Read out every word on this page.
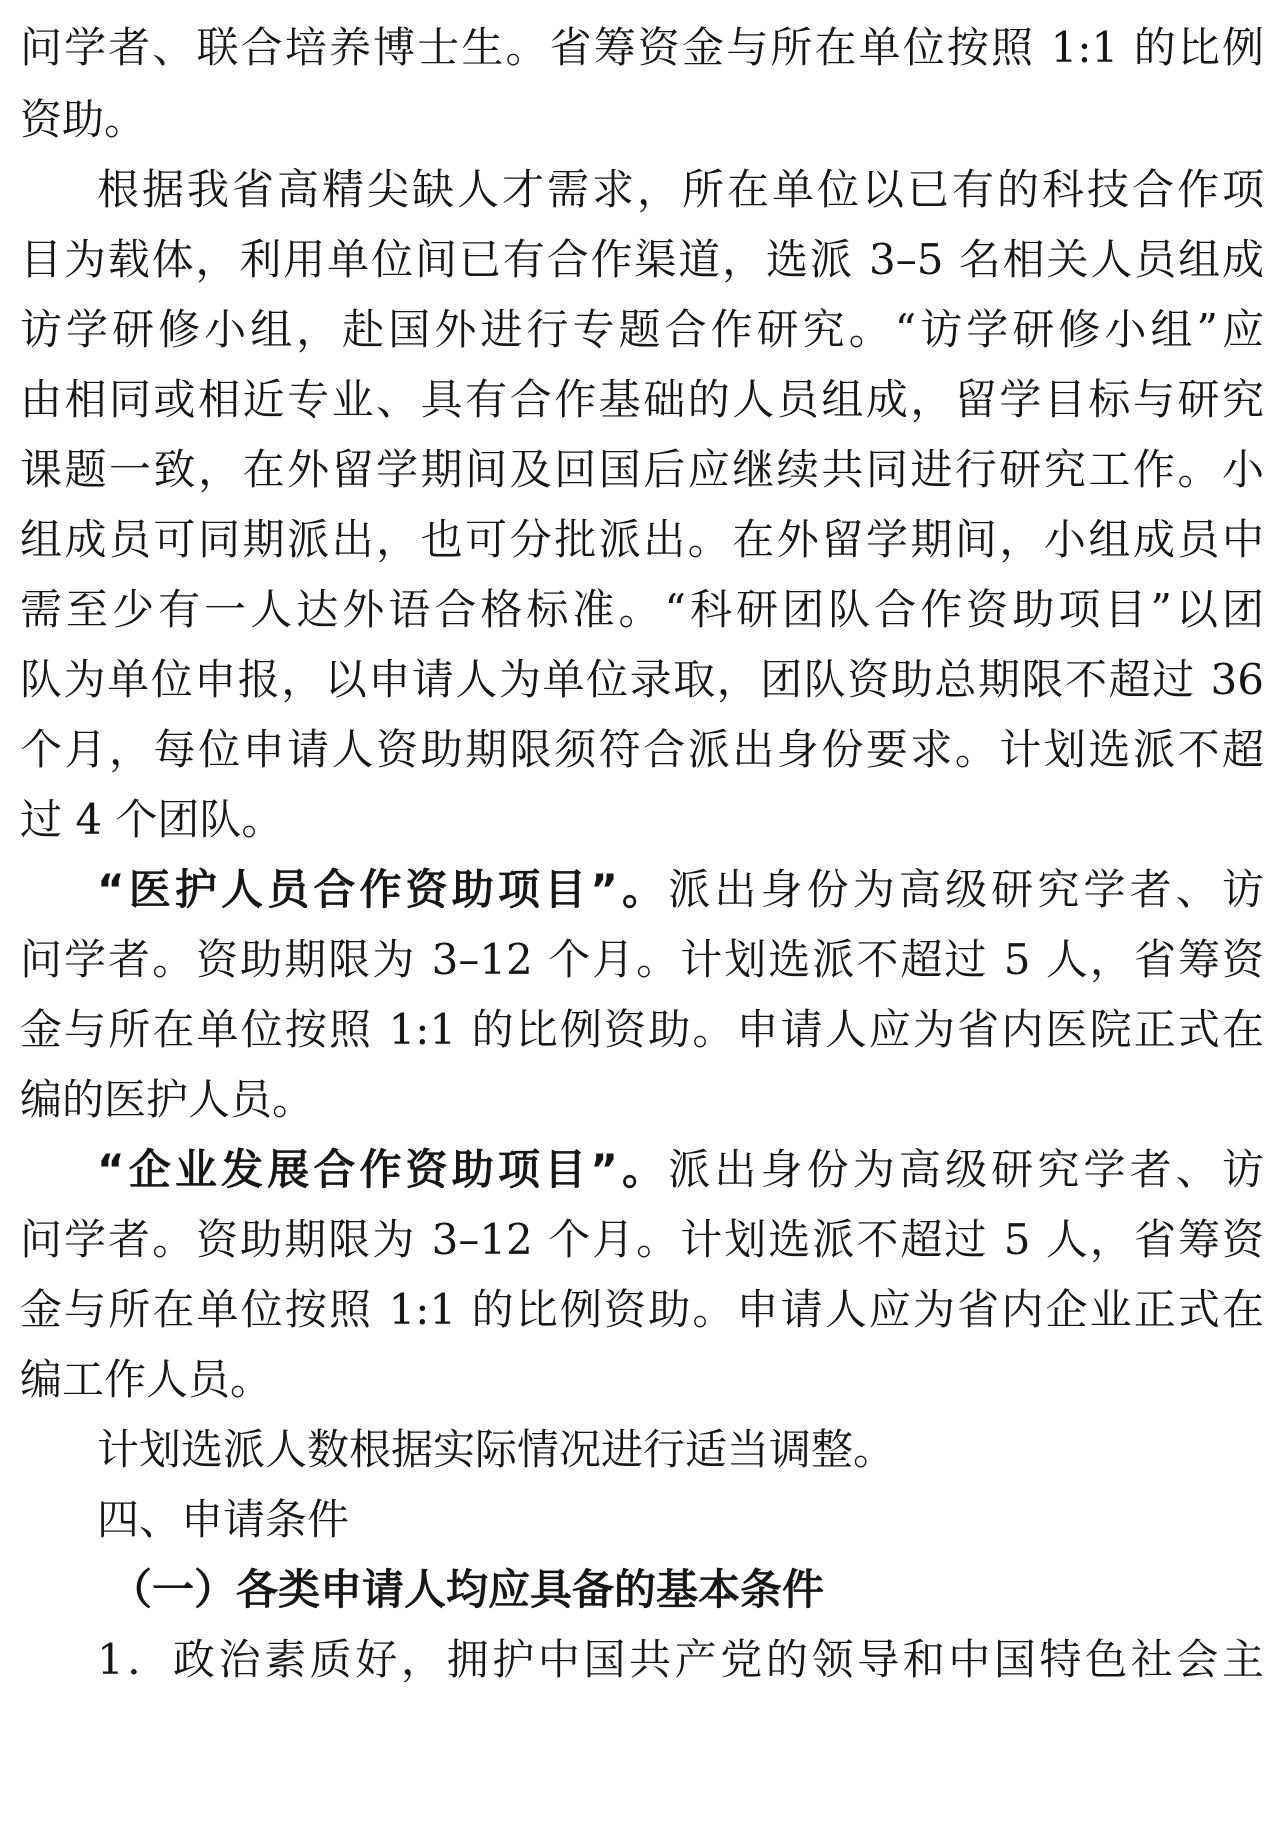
问学者、联合培养博士生。省筹资金与所在单位按照 1:1 的比例
资助。
根据我省高精尖缺人才需求，所在单位以已有的科技合作项
目为载体，利用单位间已有合作渠道，选派 3–5 名相关人员组成
访学研修小组，赴国外进行专题合作研究。“访学研修小组”应
由相同或相近专业、具有合作基础的人员组成，留学目标与研究
课题一致，在外留学期间及回国后应继续共同进行研究工作。小
组成员可同期派出，也可分批派出。在外留学期间，小组成员中
需至少有一人达外语合格标准。“科研团队合作资助项目”以团
队为单位申报，以申请人为单位录取，团队资助总期限不超过 36
个月，每位申请人资助期限须符合派出身份要求。计划选派不超
过 4 个团队。
“医护人员合作资助项目”。派出身份为高级研究学者、访
问学者。资助期限为 3–12 个月。计划选派不超过 5 人，省筹资
金与所在单位按照 1:1 的比例资助。申请人应为省内医院正式在
编的医护人员。
“企业发展合作资助项目”。派出身份为高级研究学者、访
问学者。资助期限为 3–12 个月。计划选派不超过 5 人，省筹资
金与所在单位按照 1:1 的比例资助。申请人应为省内企业正式在
编工作人员。
计划选派人数根据实际情况进行适当调整。
四、申请条件
（一）各类申请人均应具备的基本条件
1．政治素质好，拥护中国共产党的领导和中国特色社会主
